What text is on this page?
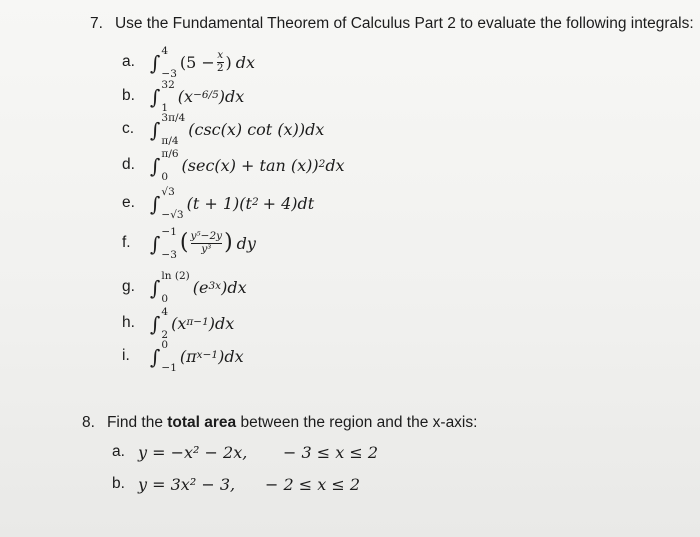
7. Use the Fundamental Theorem of Calculus Part 2 to evaluate the following integrals:
a. ∫ 4
−3
($5 - \frac{x}{2}$ ) dx
b. ∫ 32
1
($x^{-6/5}$ )dx
c. ∫ 3π/4
π/4
(csc(x) cot (x))dx
d. ∫ π/6
0
$(\sec(x) + \tan (x))^2$ dx
e. ∫ √3
−√3
$(t + 1)(t^2 + 4)dt$
f. ∫ −1
−3 ( $\frac{\text{y⁵−2y}}{\text{y³}}$ ) dy
g. ∫ ln (2)
0
($e^{3x}$ )dx
h. ∫ 4
2
($x^{\pi-1}$ )dx
i.	∫ 0
−1
($\pi^{x-1}$ )dx
8. Find the total area between the region and the x-axis:
a. y = −x² − 2x, − 3 ≤ x ≤ 2
b. y = 3x² − 3, − 2 ≤ x ≤ 2
